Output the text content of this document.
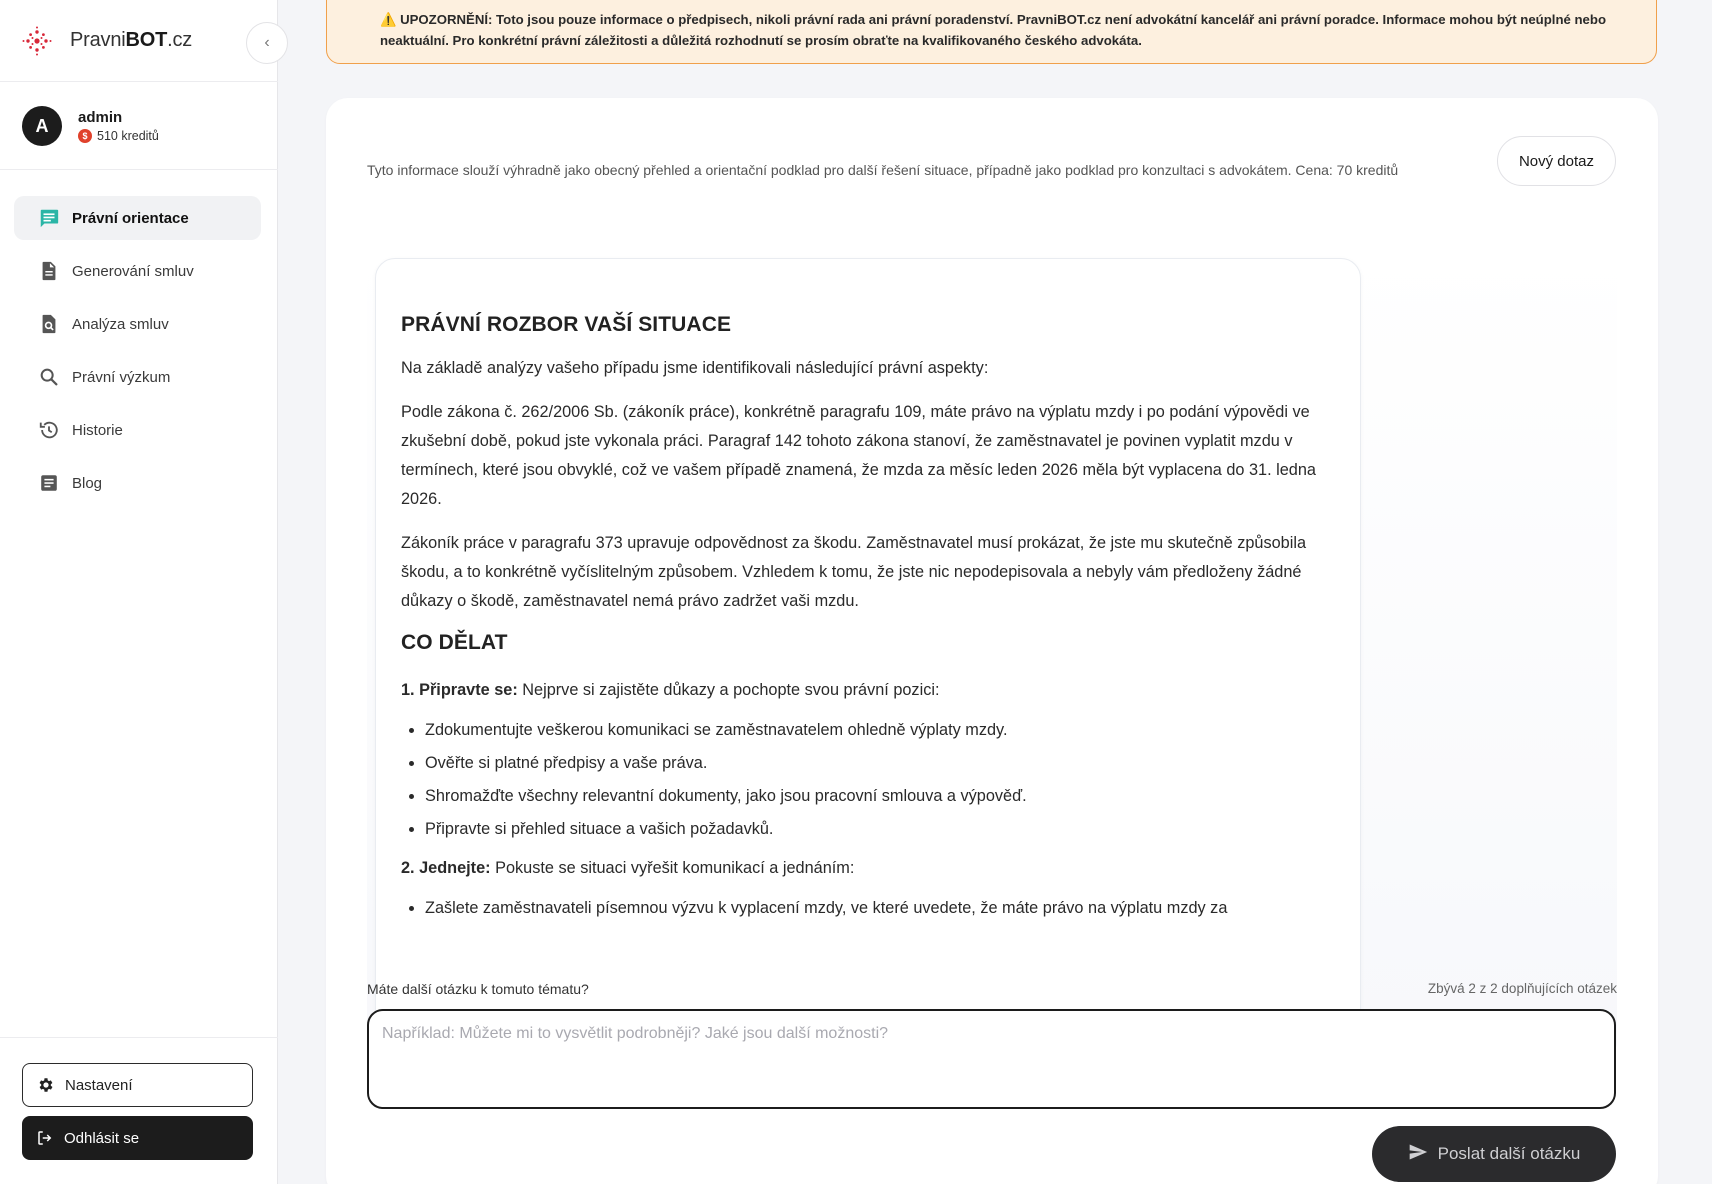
PravniBOT.cz
A	admin
$ 510 kreditů
Právní orientace
Generování smluv
Analýza smluv
Právní výzkum
Historie
Blog
Nastavení
Odhlásit se
‹
⚠️ UPOZORNĚNÍ: Toto jsou pouze informace o předpisech, nikoli právní rada ani právní poradenství. PravniBOT.cz není advokátní kancelář ani právní poradce. Informace mohou být neúplné nebo neaktuální. Pro konkrétní právní záležitosti a důležitá rozhodnutí se prosím obraťte na kvalifikovaného českého advokáta.
Tyto informace slouží výhradně jako obecný přehled a orientační podklad pro další řešení situace, případně jako podklad pro konzultaci s advokátem. Cena: 70 kreditů
Nový dotaz
PRÁVNÍ ROZBOR VAŠÍ SITUACE

Na základě analýzy vašeho případu jsme identifikovali následující právní aspekty:

Podle zákona č. 262/2006 Sb. (zákoník práce), konkrétně paragrafu 109, máte právo na výplatu mzdy i po podání výpovědi ve zkušební době, pokud jste vykonala práci. Paragraf 142 tohoto zákona stanoví, že zaměstnavatel je povinen vyplatit mzdu v termínech, které jsou obvyklé, což ve vašem případě znamená, že mzda za měsíc leden 2026 měla být vyplacena do 31. ledna 2026.

Zákoník práce v paragrafu 373 upravuje odpovědnost za škodu. Zaměstnavatel musí prokázat, že jste mu skutečně způsobila škodu, a to konkrétně vyčíslitelným způsobem. Vzhledem k tomu, že jste nic nepodepisovala a nebyly vám předloženy žádné důkazy o škodě, zaměstnavatel nemá právo zadržet vaši mzdu.

CO DĚLAT

1. Připravte se: Nejprve si zajistěte důkazy a pochopte svou právní pozici:

• Zdokumentujte veškerou komunikaci se zaměstnavatelem ohledně výplaty mzdy.
• Ověřte si platné předpisy a vaše práva.
• Shromažďte všechny relevantní dokumenty, jako jsou pracovní smlouva a výpověď.
• Připravte si přehled situace a vašich požadavků.

2. Jednejte: Pokuste se situaci vyřešit komunikací a jednáním:

• Zašlete zaměstnavateli písemnou výzvu k vyplacení mzdy, ve které uvedete, že máte právo na výplatu mzdy za
Máte další otázku k tomuto tématu?	Zbývá 2 z 2 doplňujících otázek
Například: Můžete mi to vysvětlit podrobněji? Jaké jsou další možnosti?
Poslat další otázku
